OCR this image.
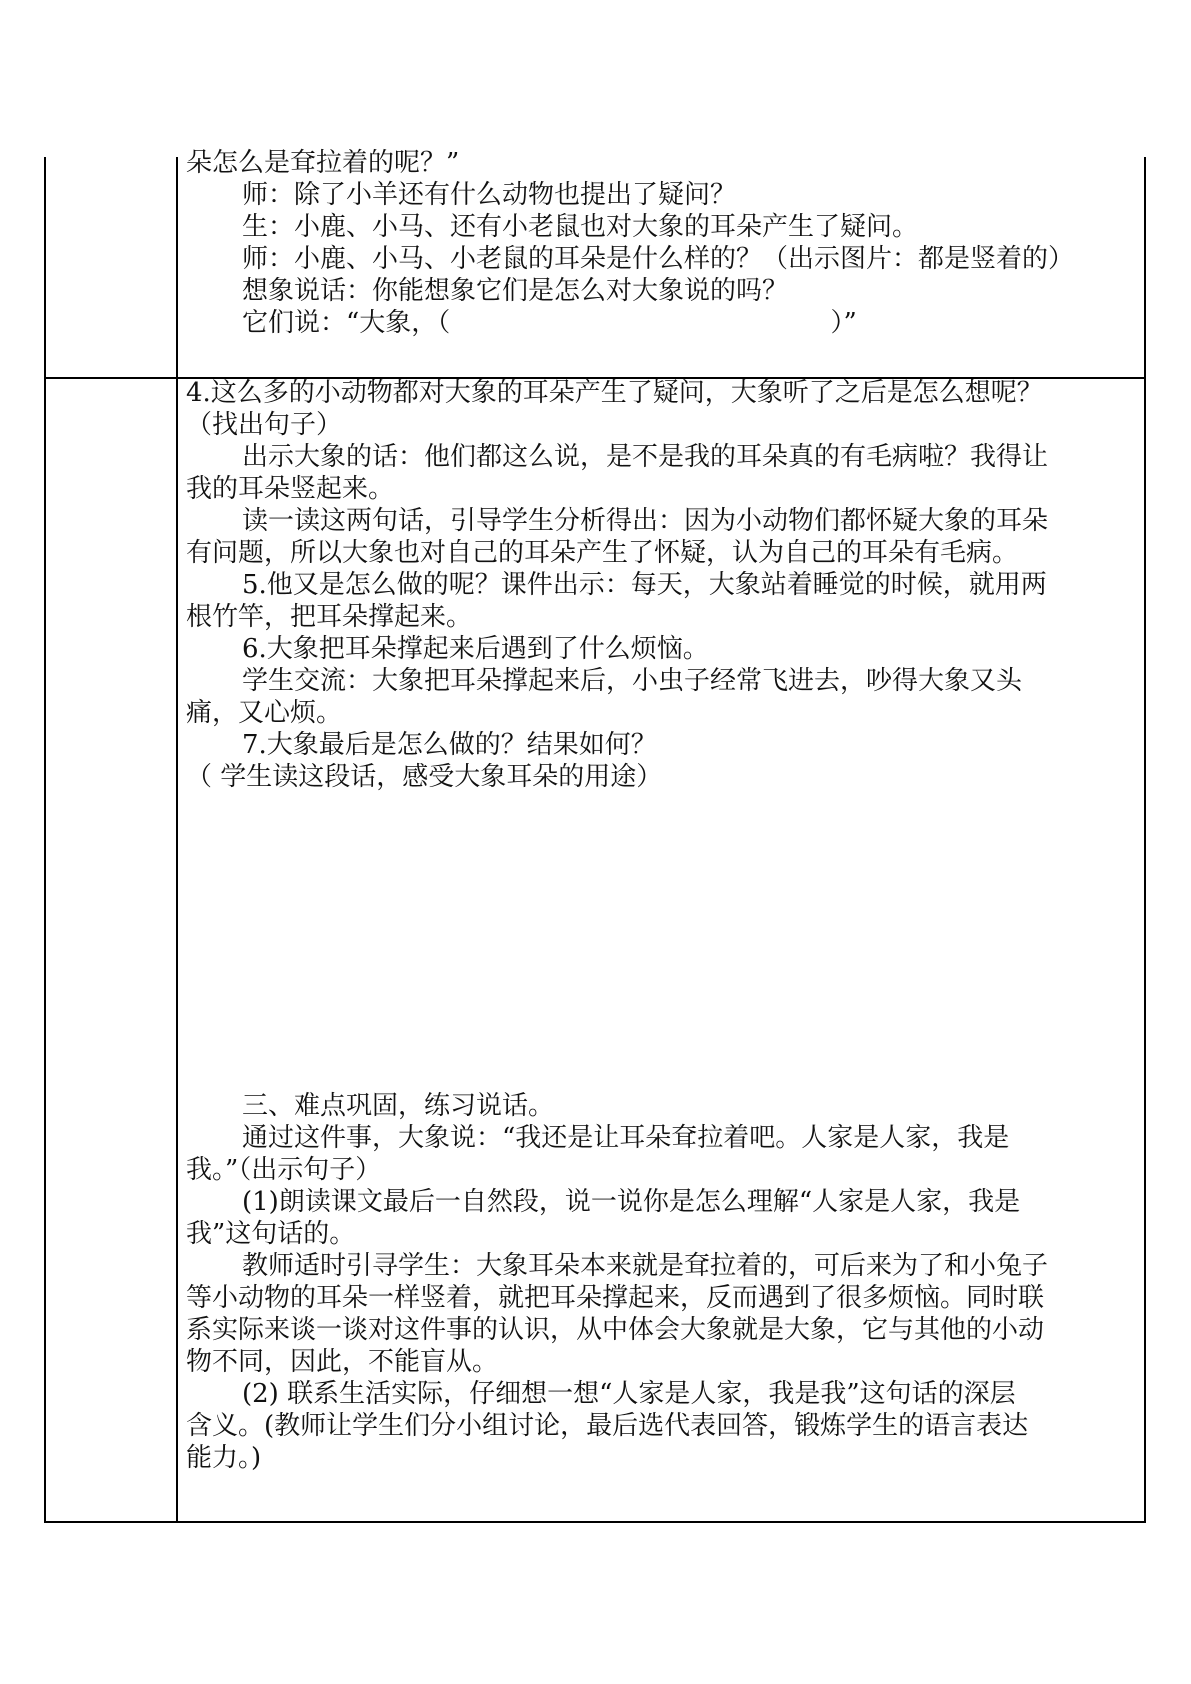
朵怎么是耷拉着的呢？”

师：除了小羊还有什么动物也提出了疑问？

生：小鹿、小马、还有小老鼠也对大象的耳朵产生了疑问。

师：小鹿、小马、小老鼠的耳朵是什么样的？（出示图片：都是竖着的）

想象说话：你能想象它们是怎么对大象说的吗？

它们说：“大象，（                                              ）”

4.这么多的小动物都对大象的耳朵产生了疑问，大象听了之后是怎么想呢？

（找出句子）

出示大象的话：他们都这么说，是不是我的耳朵真的有毛病啦？我得让

我的耳朵竖起来。

读一读这两句话，引导学生分析得出：因为小动物们都怀疑大象的耳朵

有问题，所以大象也对自己的耳朵产生了怀疑，认为自己的耳朵有毛病。

5.他又是怎么做的呢？课件出示：每天，大象站着睡觉的时候，就用两

根竹竿，把耳朵撑起来。

6.大象把耳朵撑起来后遇到了什么烦恼。

学生交流：大象把耳朵撑起来后，小虫子经常飞进去，吵得大象又头

痛，又心烦。

7.大象最后是怎么做的？结果如何？

（ 学生读这段话，感受大象耳朵的用途）

三、难点巩固，练习说话。

通过这件事，大象说：“我还是让耳朵耷拉着吧。人家是人家，我是

我。”（出示句子）

(1)朗读课文最后一自然段，说一说你是怎么理解“人家是人家，我是

我”这句话的。

教师适时引寻学生：大象耳朵本来就是耷拉着的，可后来为了和小兔子

等小动物的耳朵一样竖着，就把耳朵撑起来，反而遇到了很多烦恼。同时联

系实际来谈一谈对这件事的认识，从中体会大象就是大象，它与其他的小动

物不同，因此，不能盲从。

(2) 联系生活实际，仔细想一想“人家是人家，我是我”这句话的深层

含义。(教师让学生们分小组讨论，最后选代表回答，锻炼学生的语言表达

能力。)
